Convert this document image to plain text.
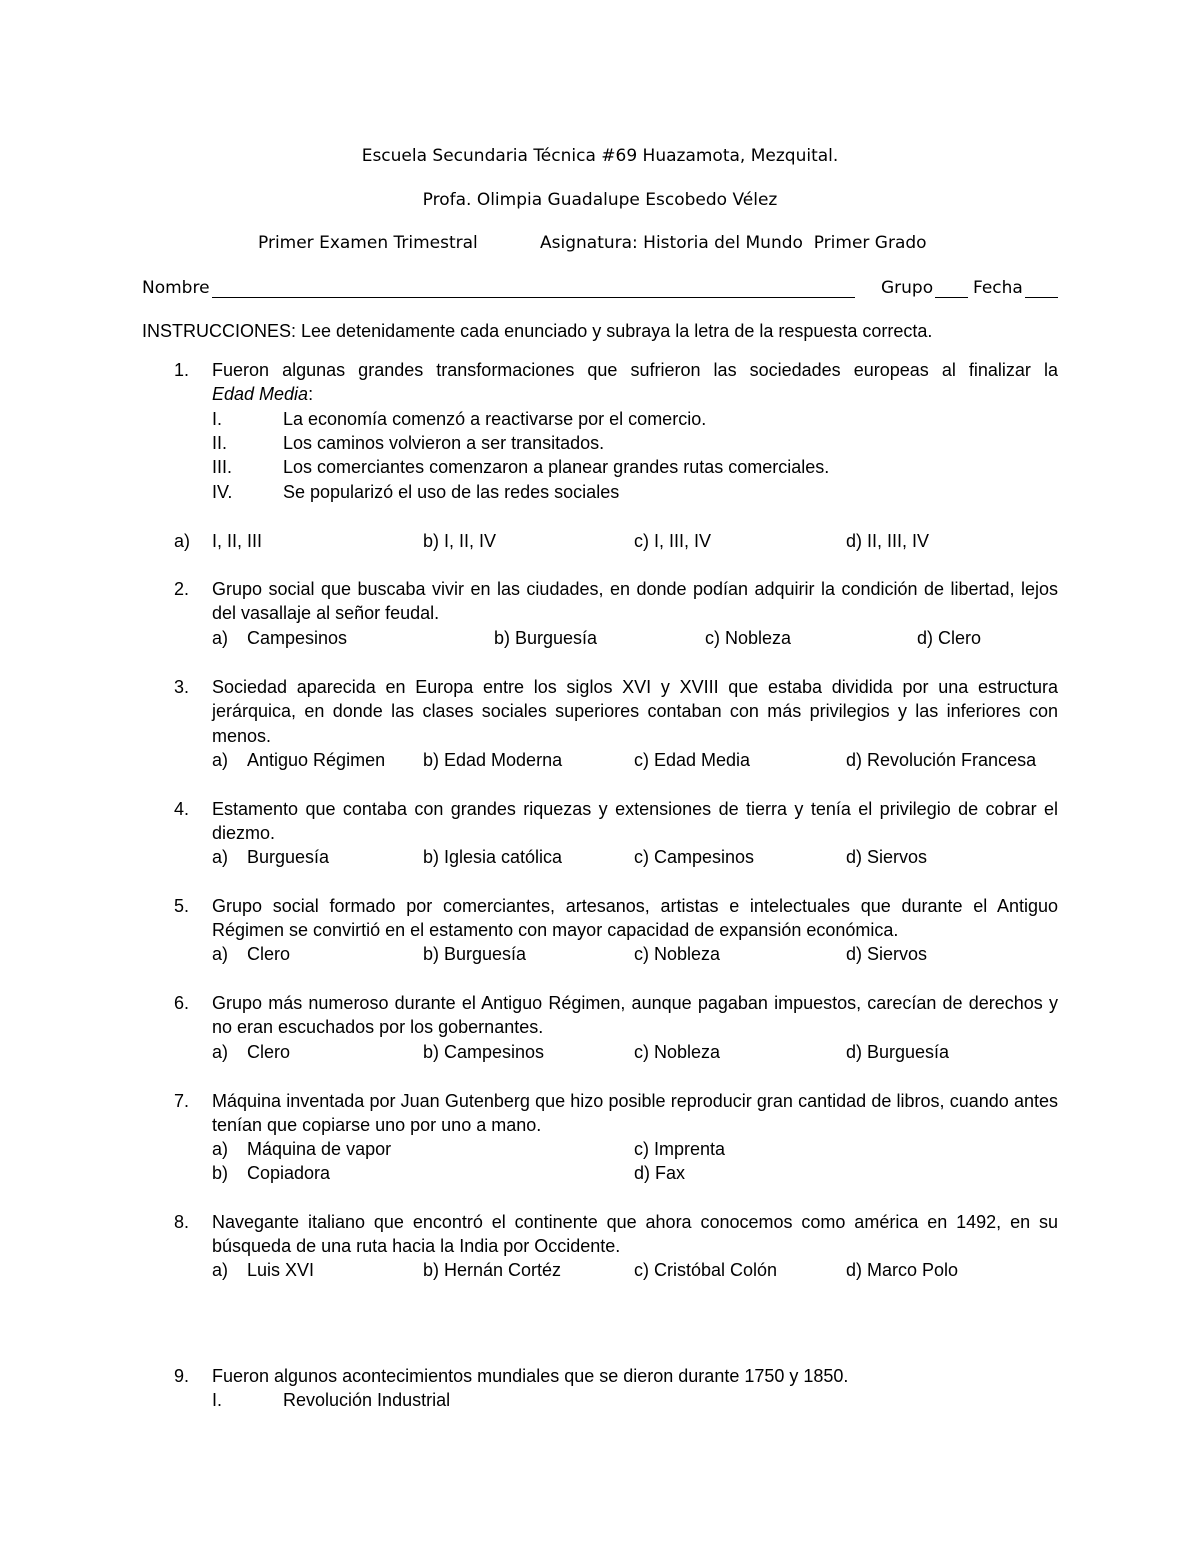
Escuela Secundaria Técnica #69 Huazamota, Mezquital.
Profa. Olimpia Guadalupe Escobedo Vélez
Primer Examen Trimestral	Asignatura: Historia del Mundo  Primer Grado
Nombre	Grupo Fecha
INSTRUCCIONES: Lee detenidamente cada enunciado y subraya la letra de la respuesta correcta.
1. Fueron algunas grandes transformaciones que sufrieron las sociedades europeas al finalizar la
Edad Media:
I.	La economía comenzó a reactivarse por el comercio.
II.	Los caminos volvieron a ser transitados.
III.	Los comerciantes comenzaron a planear grandes rutas comerciales.
IV.	Se popularizó el uso de las redes sociales
a) I, II, III	b) I, II, IV	c) I, III, IV	d) II, III, IV
2. Grupo social que buscaba vivir en las ciudades, en donde podían adquirir la condición de libertad, lejos del vasallaje al señor feudal.
a) Campesinos	b) Burguesía	c) Nobleza	d) Clero
3. Sociedad aparecida en Europa entre los siglos XVI y XVIII que estaba dividida por una estructura jerárquica, en donde las clases sociales superiores contaban con más privilegios y las inferiores con menos.
a) Antiguo Régimen b) Edad Moderna	c) Edad Media	d) Revolución Francesa
4. Estamento que contaba con grandes riquezas y extensiones de tierra y tenía el privilegio de cobrar el diezmo.
a) Burguesía	b) Iglesia católica	c) Campesinos	d) Siervos
5. Grupo social formado por comerciantes, artesanos, artistas e intelectuales que durante el Antiguo Régimen se convirtió en el estamento con mayor capacidad de expansión económica.
a) Clero	b) Burguesía	c) Nobleza	d) Siervos
6. Grupo más numeroso durante el Antiguo Régimen, aunque pagaban impuestos, carecían de derechos y no eran escuchados por los gobernantes.
a) Clero	b) Campesinos	c) Nobleza	d) Burguesía
7. Máquina inventada por Juan Gutenberg que hizo posible reproducir gran cantidad de libros, cuando antes tenían que copiarse uno por uno a mano.
a) Máquina de vapor	c) Imprenta
b) Copiadora	d) Fax
8. Navegante italiano que encontró el continente que ahora conocemos como américa en 1492, en su búsqueda de una ruta hacia la India por Occidente.
a) Luis XVI	b) Hernán Cortéz	c) Cristóbal Colón	d) Marco Polo
9. Fueron algunos acontecimientos mundiales que se dieron durante 1750 y 1850.
I.	Revolución Industrial
